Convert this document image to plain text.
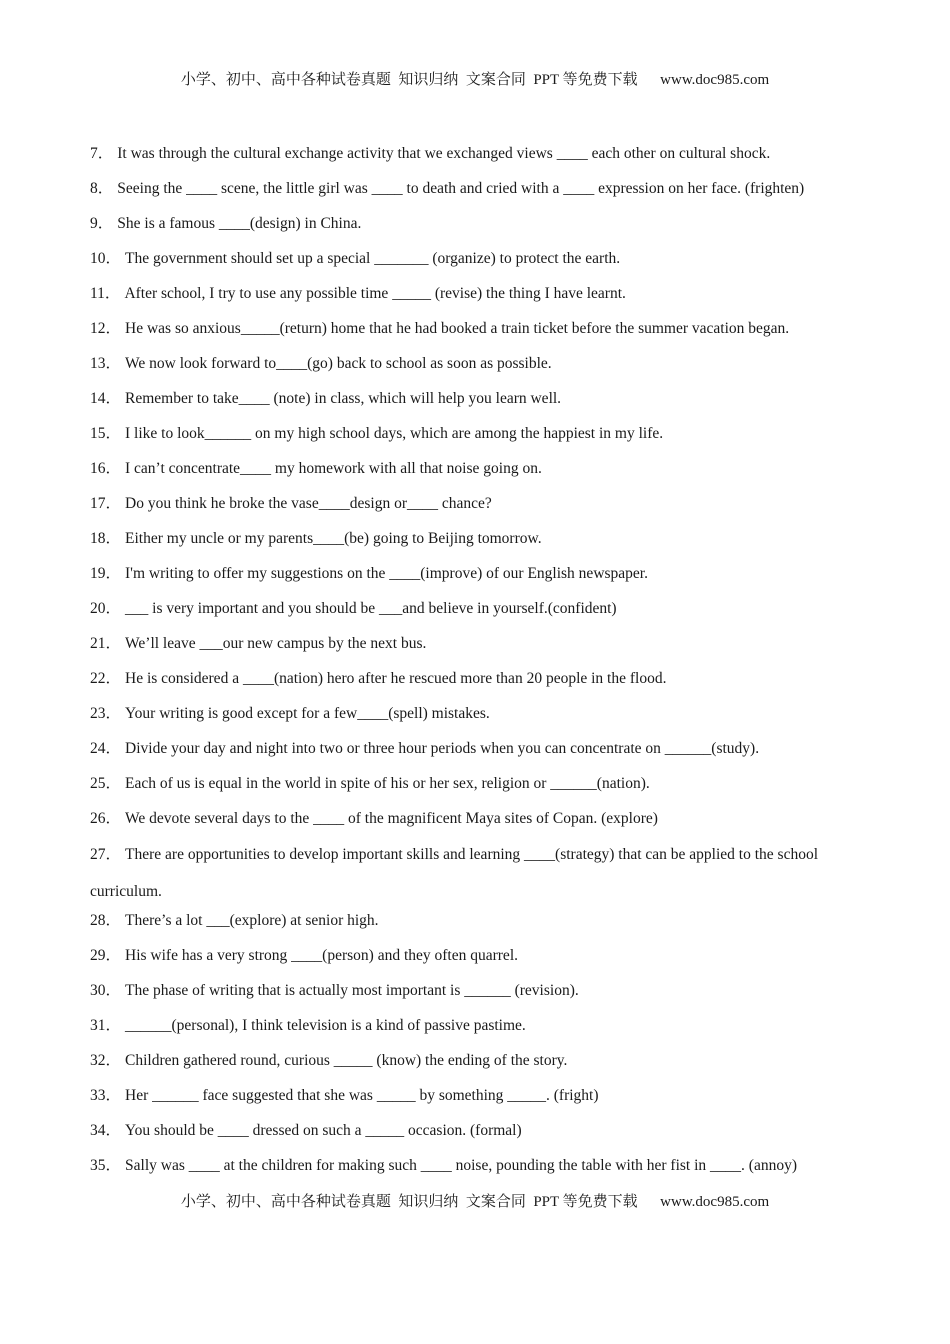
小学、初中、高中各种试卷真题  知识归纳  文案合同  PPT 等免费下载      www.doc985.com
7． It was through the cultural exchange activity that we exchanged views ____ each other on cultural shock.
8． Seeing the ____ scene, the little girl was ____ to death and cried with a ____ expression on her face. (frighten)
9． She is a famous ____(design) in China.
10． The government should set up a special _______ (organize) to protect the earth.
11． After school, I try to use any possible time _____ (revise) the thing I have learnt.
12． He was so anxious_____(return) home that he had booked a train ticket before the summer vacation began.
13． We now look forward to____(go) back to school as soon as possible.
14． Remember to take____ (note) in class, which will help you learn well.
15． I like to look______ on my high school days, which are among the happiest in my life.
16． I can’t concentrate____ my homework with all that noise going on.
17． Do you think he broke the vase____design or____ chance?
18． Either my uncle or my parents____(be) going to Beijing tomorrow.
19． I'm writing to offer my suggestions on the ____(improve) of our English newspaper.
20． ___ is very important and you should be ___and believe in yourself.(confident)
21． We’ll leave ___our new campus by the next bus.
22． He is considered a ____(nation) hero after he rescued more than 20 people in the flood.
23． Your writing is good except for a few____(spell) mistakes.
24． Divide your day and night into two or three hour periods when you can concentrate on ______(study).
25． Each of us is equal in the world in spite of his or her sex, religion or ______(nation).
26． We devote several days to the ____ of the magnificent Maya sites of Copan. (explore)
27． There are opportunities to develop important skills and learning ____(strategy) that can be applied to the school curriculum.
28． There’s a lot ___(explore) at senior high.
29． His wife has a very strong ____(person) and they often quarrel.
30． The phase of writing that is actually most important is ______ (revision).
31． ______(personal), I think television is a kind of passive pastime.
32． Children gathered round, curious _____ (know) the ending of the story.
33． Her ______ face suggested that she was _____ by something _____. (fright)
34． You should be ____ dressed on such a _____ occasion. (formal)
35． Sally was ____ at the children for making such ____ noise, pounding the table with her fist in ____. (annoy)
小学、初中、高中各种试卷真题  知识归纳  文案合同  PPT 等免费下载      www.doc985.com
